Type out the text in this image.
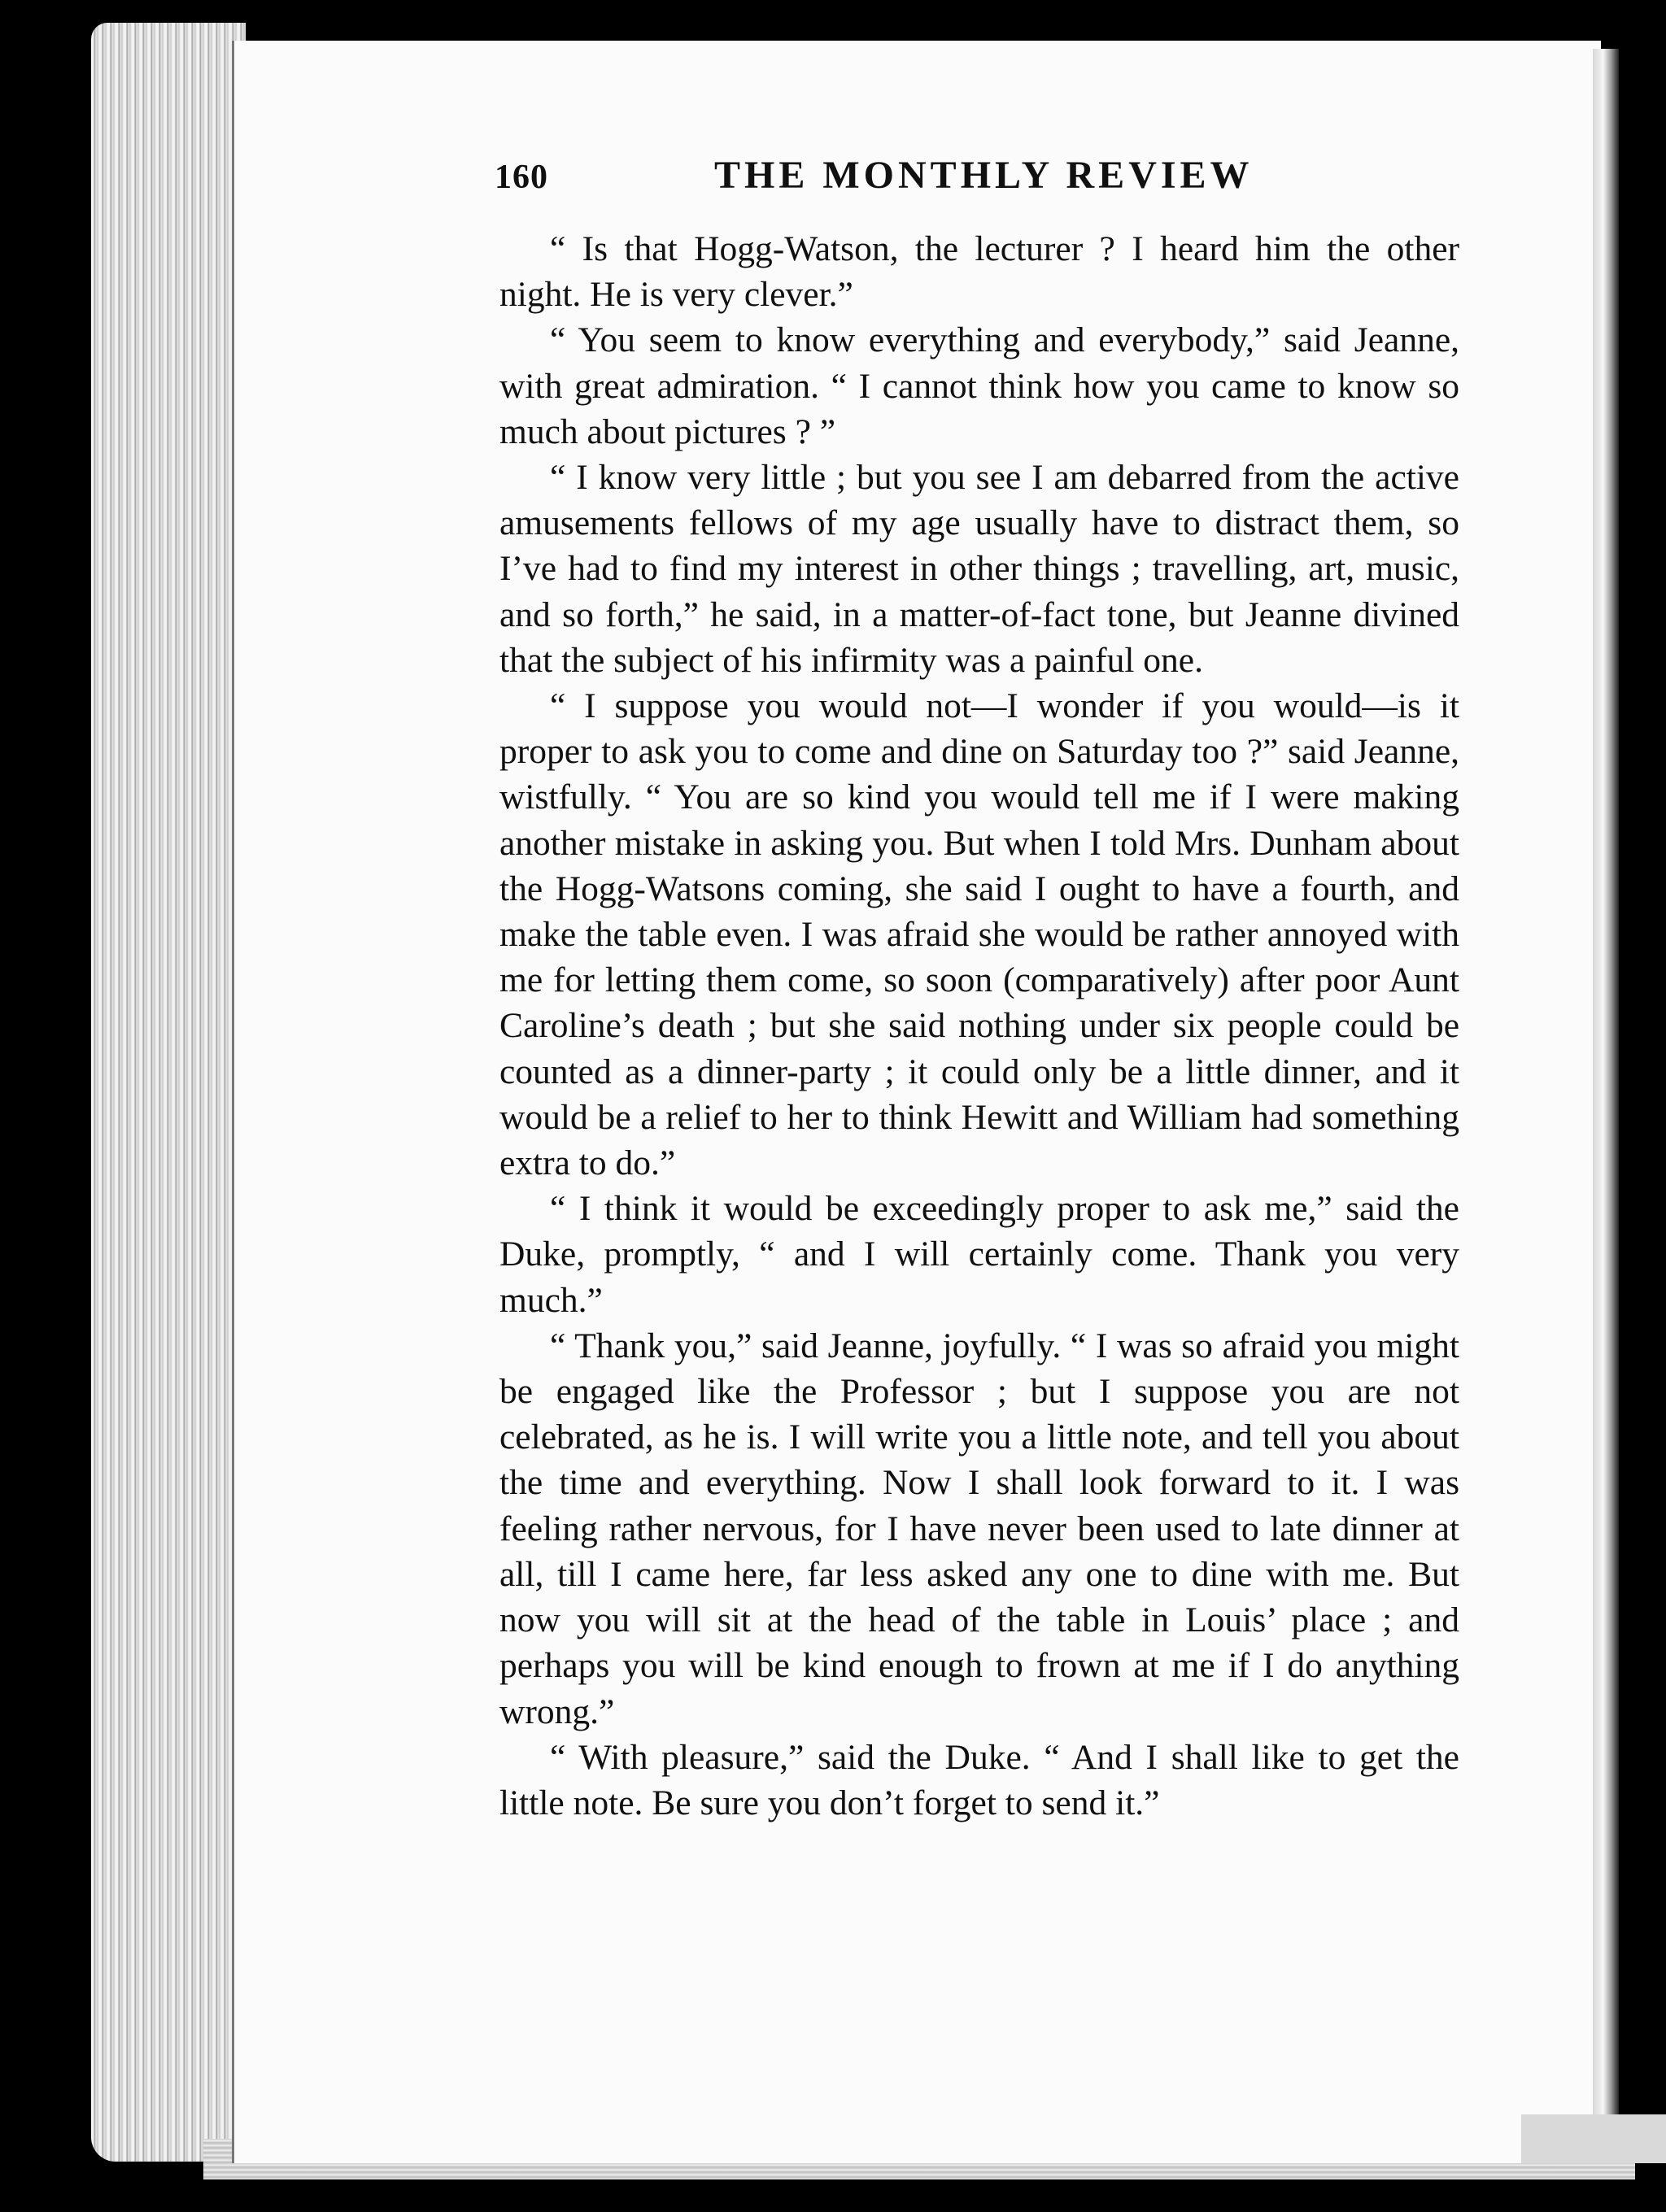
160	THE MONTHLY REVIEW

“ Is that Hogg-Watson, the lecturer ? I heard him the other night. He is very clever.”

“ You seem to know everything and everybody,” said Jeanne, with great admiration. “ I cannot think how you came to know so much about pictures ? ”

“ I know very little ; but you see I am debarred from the active amusements fellows of my age usually have to distract them, so I’ve had to find my interest in other things ; travelling, art, music, and so forth,” he said, in a matter-of-fact tone, but Jeanne divined that the subject of his infirmity was a painful one.

“ I suppose you would not—I wonder if you would—is it proper to ask you to come and dine on Saturday too ?” said Jeanne, wistfully. “ You are so kind you would tell me if I were making another mistake in asking you. But when I told Mrs. Dunham about the Hogg-Watsons coming, she said I ought to have a fourth, and make the table even. I was afraid she would be rather annoyed with me for letting them come, so soon (comparatively) after poor Aunt Caroline’s death ; but she said nothing under six people could be counted as a dinner-party ; it could only be a little dinner, and it would be a relief to her to think Hewitt and William had something extra to do.”

“ I think it would be exceedingly proper to ask me,” said the Duke, promptly, “ and I will certainly come. Thank you very much.”

“ Thank you,” said Jeanne, joyfully. “ I was so afraid you might be engaged like the Professor ; but I suppose you are not celebrated, as he is. I will write you a little note, and tell you about the time and everything. Now I shall look forward to it. I was feeling rather nervous, for I have never been used to late dinner at all, till I came here, far less asked any one to dine with me. But now you will sit at the head of the table in Louis’ place ; and perhaps you will be kind enough to frown at me if I do anything wrong.”

“ With pleasure,” said the Duke. “ And I shall like to get the little note. Be sure you don’t forget to send it.”
